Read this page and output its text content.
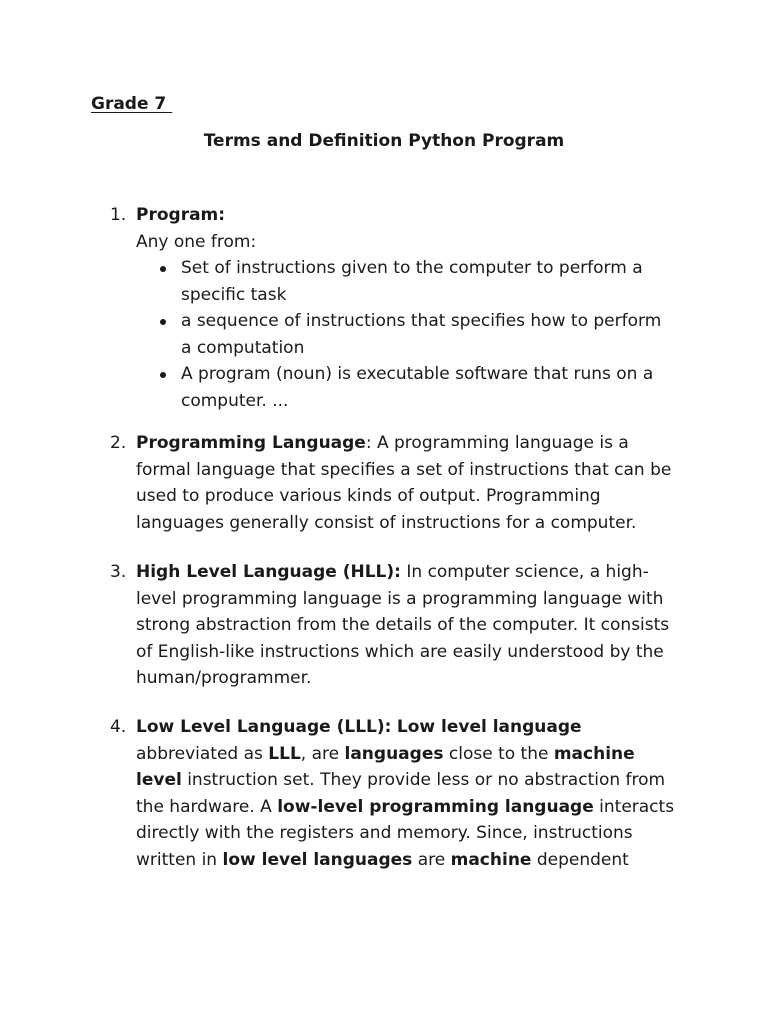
Grade 7
Terms and Definition Python Program
1. Program:
Any one from:
Set of instructions given to the computer to perform a specific task
a sequence of instructions that specifies how to perform a computation
A program (noun) is executable software that runs on a computer. ...
2. Programming Language: A programming language is a formal language that specifies a set of instructions that can be used to produce various kinds of output. Programming languages generally consist of instructions for a computer.
3. High Level Language (HLL): In computer science, a high-level programming language is a programming language with strong abstraction from the details of the computer. It consists of English-like instructions which are easily understood by the human/programmer.
4. Low Level Language (LLL): Low level language abbreviated as LLL, are languages close to the machine level instruction set. They provide less or no abstraction from the hardware. A low-level programming language interacts directly with the registers and memory. Since, instructions written in low level languages are machine dependent
